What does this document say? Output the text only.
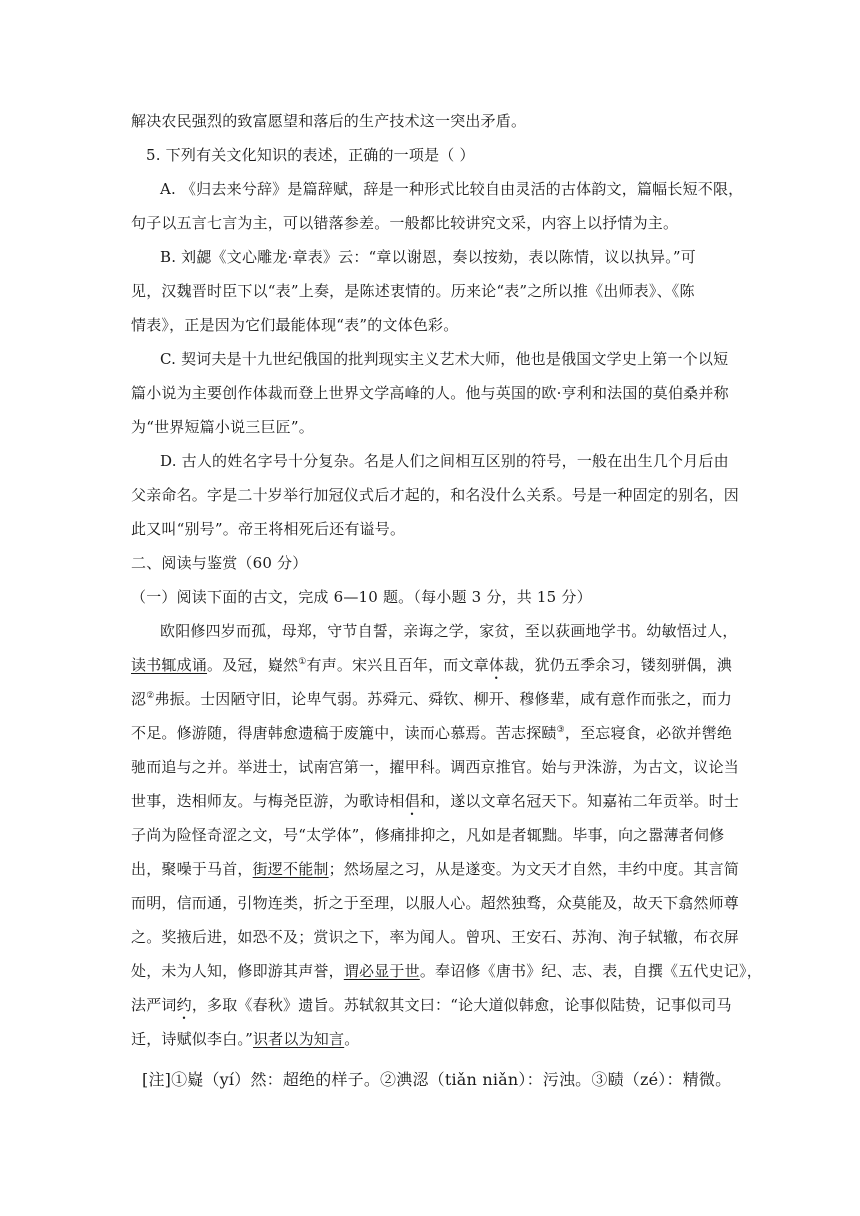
解决农民强烈的致富愿望和落后的生产技术这一突出矛盾。
5. 下列有关文化知识的表述，正确的一项是（ ）
A. 《归去来兮辞》是篇辞赋，辞是一种形式比较自由灵活的古体韵文，篇幅长短不限，
句子以五言七言为主，可以错落参差。一般都比较讲究文采，内容上以抒情为主。
B. 刘勰《文心雕龙·章表》云：“章以谢恩，奏以按劾，表以陈情，议以执异。”可
见，汉魏晋时臣下以“表”上奏，是陈述衷情的。历来论“表”之所以推《出师表》、《陈
情表》，正是因为它们最能体现“表”的文体色彩。
C. 契诃夫是十九世纪俄国的批判现实主义艺术大师，他也是俄国文学史上第一个以短
篇小说为主要创作体裁而登上世界文学高峰的人。他与英国的欧·亨利和法国的莫伯桑并称
为“世界短篇小说三巨匠”。
D. 古人的姓名字号十分复杂。名是人们之间相互区别的符号，一般在出生几个月后由
父亲命名。字是二十岁举行加冠仪式后才起的，和名没什么关系。号是一种固定的别名，因
此又叫“别号”。帝王将相死后还有谥号。
二、阅读与鉴赏（60 分）
（一）阅读下面的古文，完成 6—10 题。（每小题 3 分，共 15 分）
欧阳修四岁而孤，母郑，守节自誓，亲诲之学，家贫，至以荻画地学书。幼敏悟过人，
读书辄成诵。及冠，嶷然①有声。宋兴且百年，而文章体裁，犹仍五季余习，镂刻骈偶，淟
涊②弗振。士因陋守旧，论卑气弱。苏舜元、舜钦、柳开、穆修辈，咸有意作而张之，而力
不足。修游随，得唐韩愈遗稿于废簏中，读而心慕焉。苦志探赜③，至忘寝食，必欲并辔绝
驰而追与之并。举进士，试南宫第一，擢甲科。调西京推官。始与尹洙游，为古文，议论当
世事，迭相师友。与梅尧臣游，为歌诗相倡和，遂以文章名冠天下。知嘉祐二年贡举。时士
子尚为险怪奇涩之文，号“太学体”，修痛排抑之，凡如是者辄黜。毕事，向之嚣薄者伺修
出，聚噪于马首，街逻不能制；然场屋之习，从是遂变。为文天才自然，丰约中度。其言简
而明，信而通，引物连类，折之于至理，以服人心。超然独骛，众莫能及，故天下翕然师尊
之。奖掖后进，如恐不及；赏识之下，率为闻人。曾巩、王安石、苏洵、洵子轼辙，布衣屏
处，未为人知，修即游其声誉，谓必显于世。奉诏修《唐书》纪、志、表，自撰《五代史记》，
法严词约，多取《春秋》遗旨。苏轼叙其文曰：“论大道似韩愈，论事似陆贽，记事似司马
迁，诗赋似李白。”识者以为知言。
[注]①嶷（yí）然：超绝的样子。②淟涊（tiǎn niǎn）：污浊。③赜（zé）：精微。
